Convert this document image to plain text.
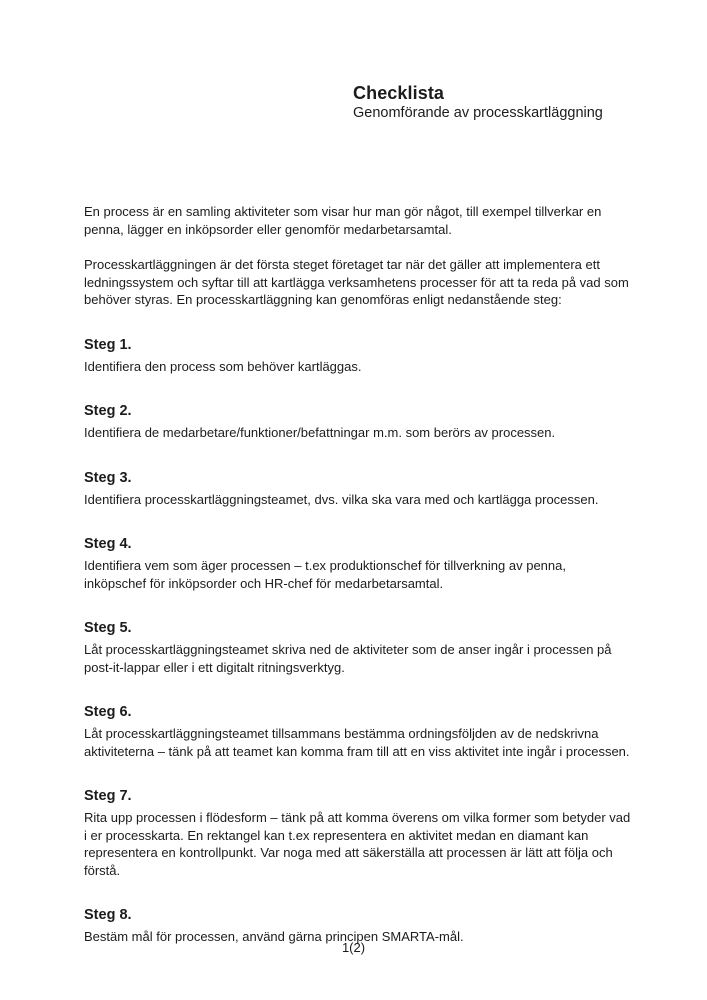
Checklista
Genomförande av processkartläggning

En process är en samling aktiviteter som visar hur man gör något, till exempel tillverkar en penna, lägger en inköpsorder eller genomför medarbetarsamtal.

Processkartläggningen är det första steget företaget tar när det gäller att implementera ett ledningssystem och syftar till att kartlägga verksamhetens processer för att ta reda på vad som behöver styras. En processkartläggning kan genomföras enligt nedanstående steg:

Steg 1.

Identifiera den process som behöver kartläggas.

Steg 2.

Identifiera de medarbetare/funktioner/befattningar m.m. som berörs av processen.

Steg 3.

Identifiera processkartläggningsteamet, dvs. vilka ska vara med och kartlägga processen.

Steg 4.

Identifiera vem som äger processen – t.ex produktionschef för tillverkning av penna, inköpschef för inköpsorder och HR-chef för medarbetarsamtal.

Steg 5.

Låt processkartläggningsteamet skriva ned de aktiviteter som de anser ingår i processen på post-it-lappar eller i ett digitalt ritningsverktyg.

Steg 6.

Låt processkartläggningsteamet tillsammans bestämma ordningsföljden av de nedskrivna aktiviteterna – tänk på att teamet kan komma fram till att en viss aktivitet inte ingår i processen.

Steg 7.

Rita upp processen i flödesform – tänk på att komma överens om vilka former som betyder vad i er processkarta. En rektangel kan t.ex representera en aktivitet medan en diamant kan representera en kontrollpunkt. Var noga med att säkerställa att processen är lätt att följa och förstå.

Steg 8.

Bestäm mål för processen, använd gärna principen SMARTA-mål.

1(2)
